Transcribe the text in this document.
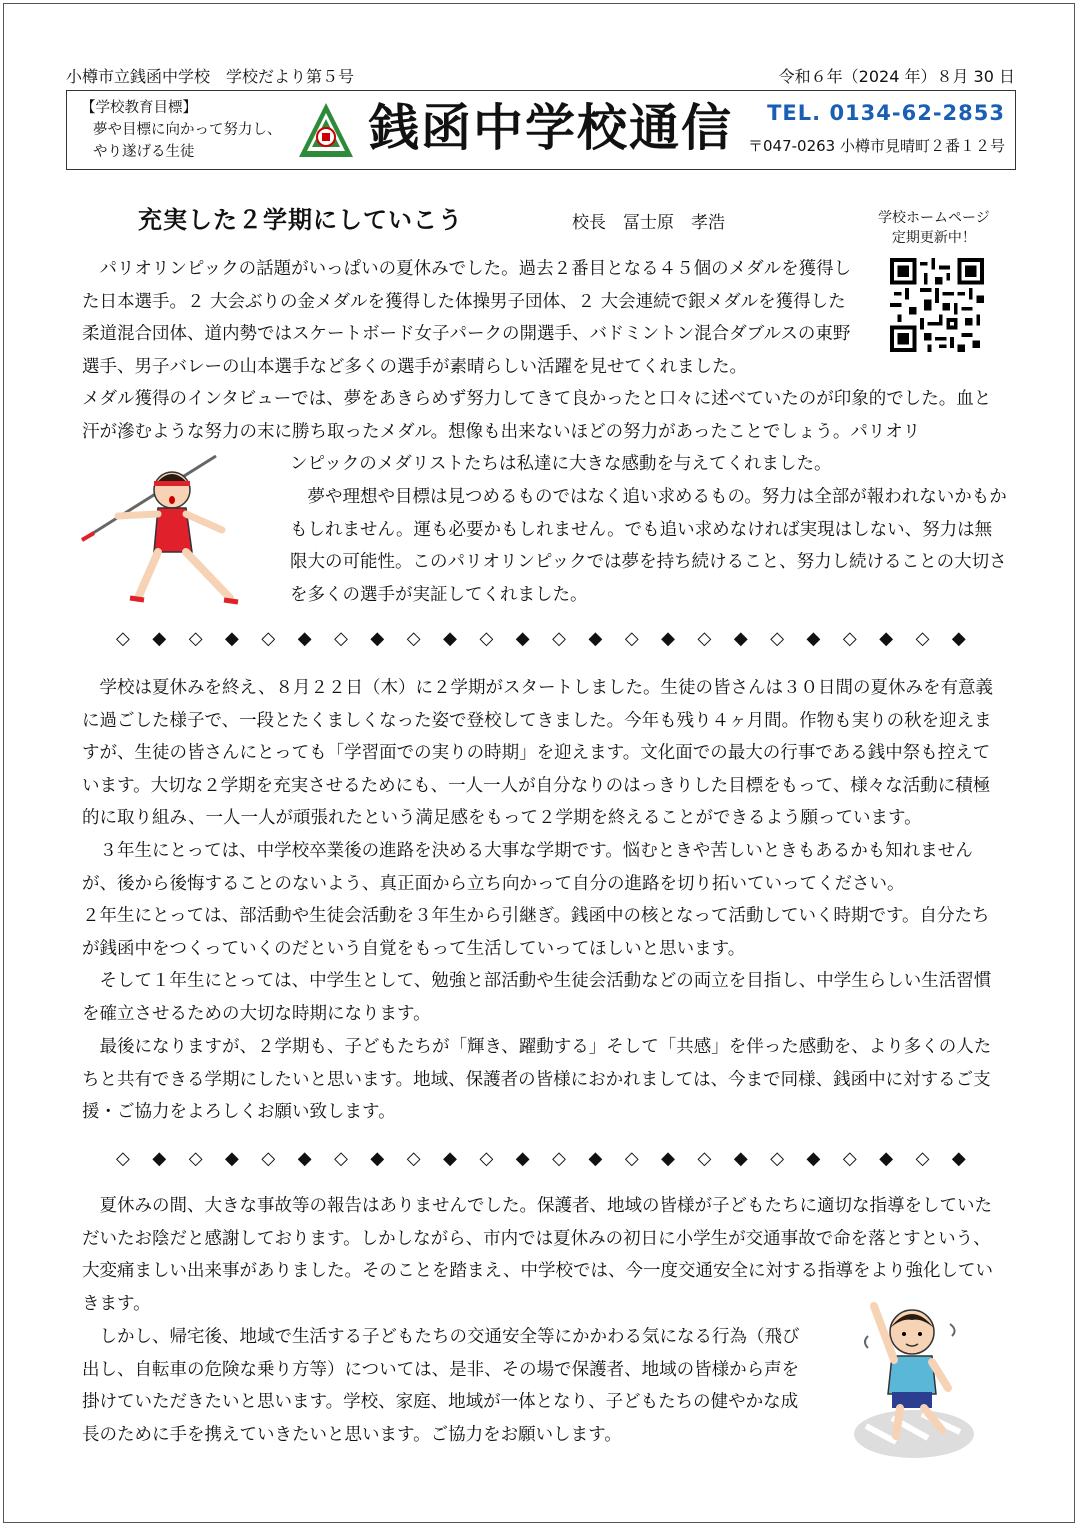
小樽市立銭函中学校　学校だより第５号	令和６年（2024 年）８月 30 日
【学校教育目標】
夢や目標に向かって努力し、
やり遂げる生徒	銭函中学校通信 TEL. 0134-62-2853
〒047-0263 小樽市見晴町２番１２号
充実した２学期にしていこう	校長　冨士原　孝浩	学校ホームページ
定期更新中！

　パリオリンピックの話題がいっぱいの夏休みでした。過去２番目となる４５個のメダルを獲得した日本選手。２ 大会ぶりの金メダルを獲得した体操男子団体、２ 大会連続で銀メダルを獲得した柔道混合団体、道内勢ではスケートボード女子パークの開選手、バドミントン混合ダブルスの東野選手、男子バレーの山本選手など多くの選手が素晴らしい活躍を見せてくれました。

メダル獲得のインタビューでは、夢をあきらめず努力してきて良かったと口々に述べていたのが印象的でした。血と汗が滲むような努力の末に勝ち取ったメダル。想像も出来ないほどの努力があったことでしょう。パリオリ

ンピックのメダリストたちは私達に大きな感動を与えてくれました。

　夢や理想や目標は見つめるものではなく追い求めるもの。努力は全部が報われないかもかもしれません。運も必要かもしれません。でも追い求めなければ実現はしない、努力は無限大の可能性。このパリオリンピックでは夢を持ち続けること、努力し続けることの大切さを多くの選手が実証してくれました。

◇ ◆ ◇ ◆ ◇ ◆ ◇ ◆ ◇ ◆ ◇ ◆ ◇ ◆ ◇ ◆ ◇ ◆ ◇ ◆ ◇ ◆ ◇ ◆

　学校は夏休みを終え、８月２２日（木）に２学期がスタートしました。生徒の皆さんは３０日間の夏休みを有意義に過ごした様子で、一段とたくましくなった姿で登校してきました。今年も残り４ヶ月間。作物も実りの秋を迎えますが、生徒の皆さんにとっても「学習面での実りの時期」を迎えます。文化面での最大の行事である銭中祭も控えています。大切な２学期を充実させるためにも、一人一人が自分なりのはっきりした目標をもって、様々な活動に積極的に取り組み、一人一人が頑張れたという満足感をもって２学期を終えることができるよう願っています。

　３年生にとっては、中学校卒業後の進路を決める大事な学期です。悩むときや苦しいときもあるかも知れませんが、後から後悔することのないよう、真正面から立ち向かって自分の進路を切り拓いていってください。

２年生にとっては、部活動や生徒会活動を３年生から引継ぎ。銭函中の核となって活動していく時期です。自分たちが銭函中をつくっていくのだという自覚をもって生活していってほしいと思います。

　そして１年生にとっては、中学生として、勉強と部活動や生徒会活動などの両立を目指し、中学生らしい生活習慣を確立させるための大切な時期になります。

　最後になりますが、２学期も、子どもたちが「輝き、躍動する」そして「共感」を伴った感動を、より多くの人たちと共有できる学期にしたいと思います。地域、保護者の皆様におかれましては、今まで同様、銭函中に対するご支援・ご協力をよろしくお願い致します。

◇ ◆ ◇ ◆ ◇ ◆ ◇ ◆ ◇ ◆ ◇ ◆ ◇ ◆ ◇ ◆ ◇ ◆ ◇ ◆ ◇ ◆ ◇ ◆

　夏休みの間、大きな事故等の報告はありませんでした。保護者、地域の皆様が子どもたちに適切な指導をしていただいたお陰だと感謝しております。しかしながら、市内では夏休みの初日に小学生が交通事故で命を落とすという、大変痛ましい出来事がありました。そのことを踏まえ、中学校では、今一度交通安全に対する指導をより強化していきます。

　しかし、帰宅後、地域で生活する子どもたちの交通安全等にかかわる気になる行為（飛び出し、自転車の危険な乗り方等）については、是非、その場で保護者、地域の皆様から声を掛けていただきたいと思います。学校、家庭、地域が一体となり、子どもたちの健やかな成長のために手を携えていきたいと思います。ご協力をお願いします。
